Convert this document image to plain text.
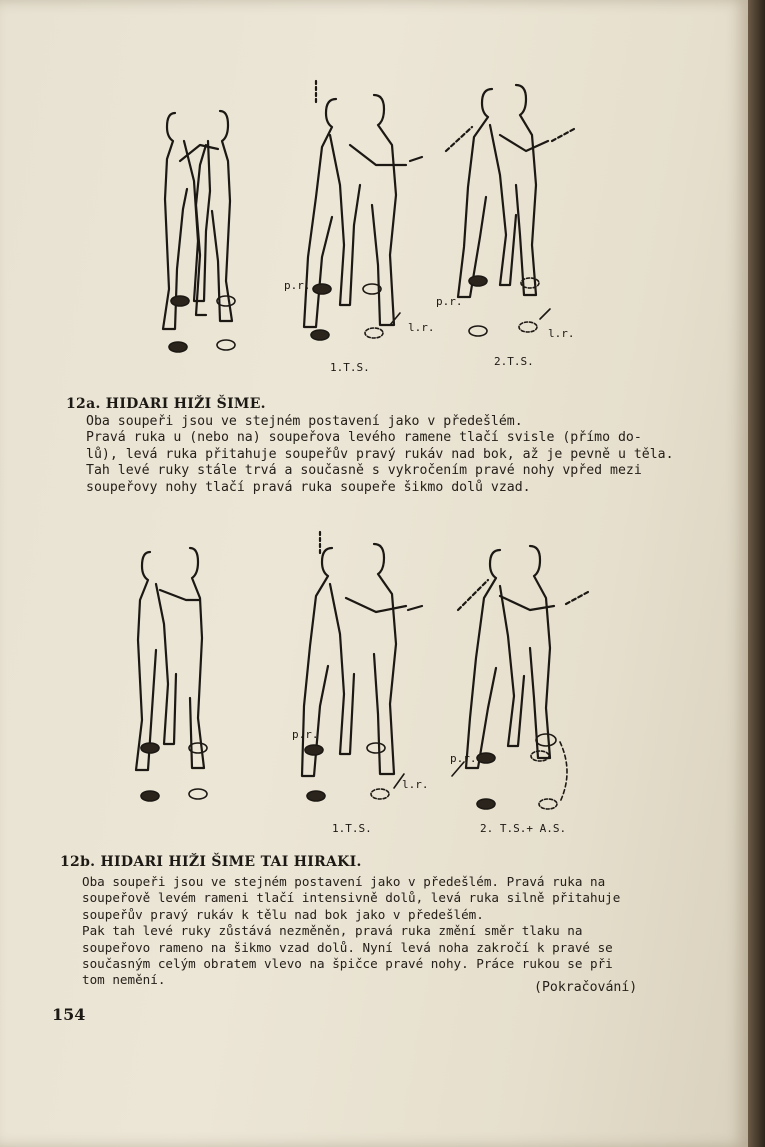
p.r.
l.r.
p.r.
l.r.
1.T.S.	2.T.S.
12a. HIDARI HIŽI ŠIME.
Oba soupeři jsou ve stejném postavení jako v předešlém.
Pravá ruka u (nebo na) soupeřova levého ramene tlačí svisle (přímo do-
lů), levá ruka přitahuje soupeřův pravý rukáv nad bok, až je pevně u těla.
Tah levé ruky stále trvá a současně s vykročením pravé nohy vpřed mezi
soupeřovy nohy tlačí pravá ruka soupeře šikmo dolů vzad.
p.r.
l.r.
p.r.
1.T.S.	2. T.S.+ A.S.
12b. HIDARI HIŽI ŠIME TAI HIRAKI.
Oba soupeři jsou ve stejném postavení jako v předešlém. Pravá ruka na
soupeřově levém rameni tlačí intensivně dolů, levá ruka silně přitahuje
soupeřův pravý rukáv k tělu nad bok jako v předešlém.
Pak tah levé ruky zůstává nezměněn, pravá ruka změní směr tlaku na
soupeřovo rameno na šikmo vzad dolů. Nyní levá noha zakročí k pravé se
současným celým obratem vlevo na špičce pravé nohy. Práce rukou se při
tom nemění.
(Pokračování)
154
